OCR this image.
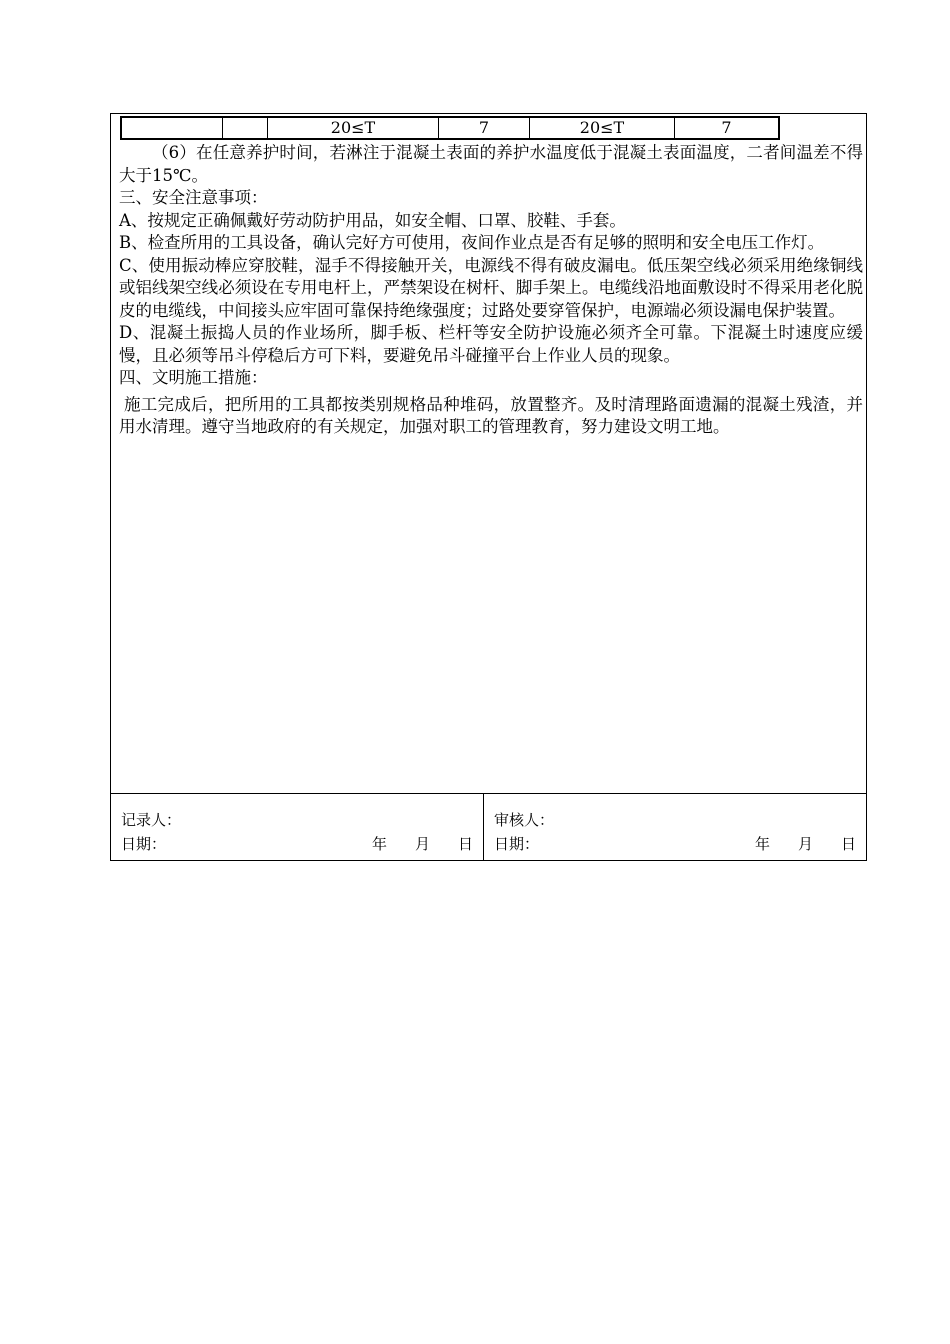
		20≤T	7	20≤T	7

（6）在任意养护时间，若淋注于混凝土表面的养护水温度低于混凝土表面温度，二者间温差不得大于15℃。

三、安全注意事项：

A、按规定正确佩戴好劳动防护用品，如安全帽、口罩、胶鞋、手套。

B、检查所用的工具设备，确认完好方可使用，夜间作业点是否有足够的照明和安全电压工作灯。

C、使用振动棒应穿胶鞋，湿手不得接触开关，电源线不得有破皮漏电。低压架空线必须采用绝缘铜线或铝线架空线必须设在专用电杆上，严禁架设在树杆、脚手架上。电缆线沿地面敷设时不得采用老化脱皮的电缆线，中间接头应牢固可靠保持绝缘强度；过路处要穿管保护，电源端必须设漏电保护装置。

D、混凝土振捣人员的作业场所，脚手板、栏杆等安全防护设施必须齐全可靠。下混凝土时速度应缓慢，且必须等吊斗停稳后方可下料，要避免吊斗碰撞平台上作业人员的现象。

四、文明施工措施：

施工完成后，把所用的工具都按类别规格品种堆码，放置整齐。及时清理路面遗漏的混凝土残渣，并用水清理。遵守当地政府的有关规定，加强对职工的管理教育，努力建设文明工地。

记录人：
日期：	年 月 日
审核人：
日期：	年 月 日
